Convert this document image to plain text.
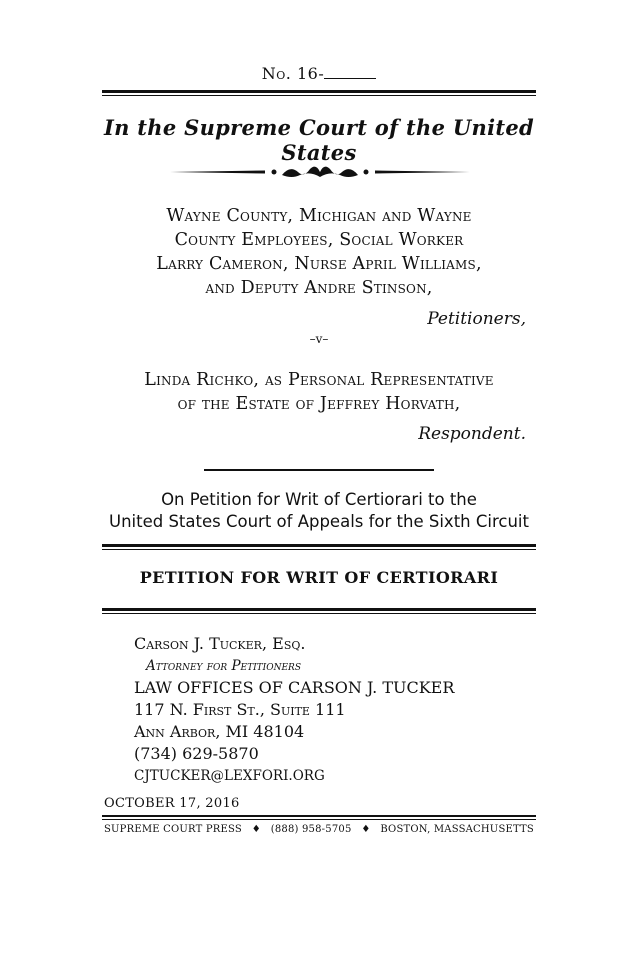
No. 16-
In the Supreme Court of the United States
Wayne County, Michigan and Wayne
County Employees, Social Worker
Larry Cameron, Nurse April Williams,
and Deputy Andre Stinson,
Petitioners,
–v–
Linda Richko, as Personal Representative
of the Estate of Jeffrey Horvath,
Respondent.
On Petition for Writ of Certiorari to the
United States Court of Appeals for the Sixth Circuit
PETITION FOR WRIT OF CERTIORARI
Carson J. Tucker, Esq.
Attorney for Petitioners
LAW OFFICES OF CARSON J. TUCKER
117 N. First St., Suite 111
Ann Arbor, MI 48104
(734) 629-5870
CJTUCKER@LEXFORI.ORG
OCTOBER 17, 2016
SUPREME COURT PRESS ♦ (888) 958-5705 ♦ BOSTON, MASSACHUSETTS
